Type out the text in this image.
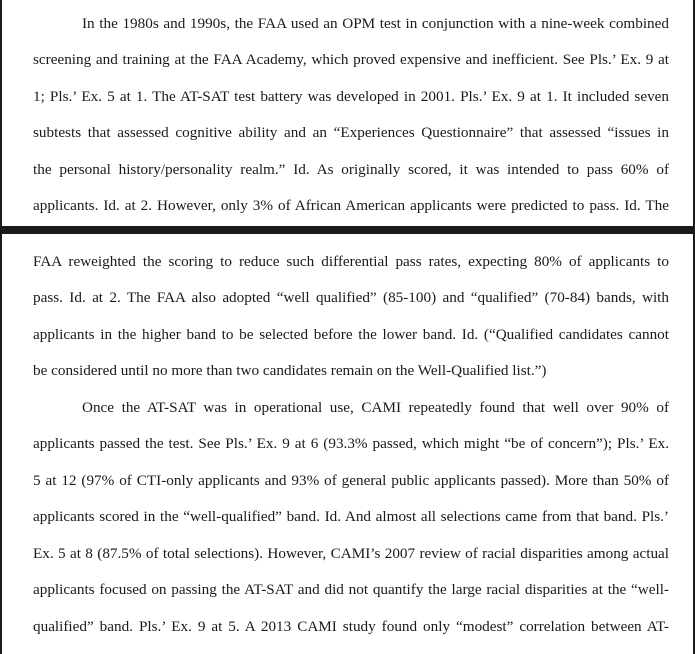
In the 1980s and 1990s, the FAA used an OPM test in conjunction with a nine-week combined
screening and training at the FAA Academy, which proved expensive and inefficient. See Pls.’ Ex. 9 at
1; Pls.’ Ex. 5 at 1. The AT-SAT test battery was developed in 2001. Pls.’ Ex. 9 at 1. It included seven
subtests that assessed cognitive ability and an “Experiences Questionnaire” that assessed “issues in
the personal history/personality realm.” Id. As originally scored, it was intended to pass 60% of
applicants. Id. at 2. However, only 3% of African American applicants were predicted to pass. Id. The
FAA reweighted the scoring to reduce such differential pass rates, expecting 80% of applicants to
pass. Id. at 2. The FAA also adopted “well qualified” (85-100) and “qualified” (70-84) bands, with
applicants in the higher band to be selected before the lower band. Id. (“Qualified candidates cannot
be considered until no more than two candidates remain on the Well-Qualified list.”)
Once the AT-SAT was in operational use, CAMI repeatedly found that well over 90% of
applicants passed the test. See Pls.’ Ex. 9 at 6 (93.3% passed, which might “be of concern”); Pls.’ Ex.
5 at 12 (97% of CTI-only applicants and 93% of general public applicants passed). More than 50% of
applicants scored in the “well-qualified” band. Id. And almost all selections came from that band. Pls.’
Ex. 5 at 8 (87.5% of total selections). However, CAMI’s 2007 review of racial disparities among actual
applicants focused on passing the AT-SAT and did not quantify the large racial disparities at the “well-
qualified” band. Pls.’ Ex. 9 at 5. A 2013 CAMI study found only “modest” correlation between AT-
